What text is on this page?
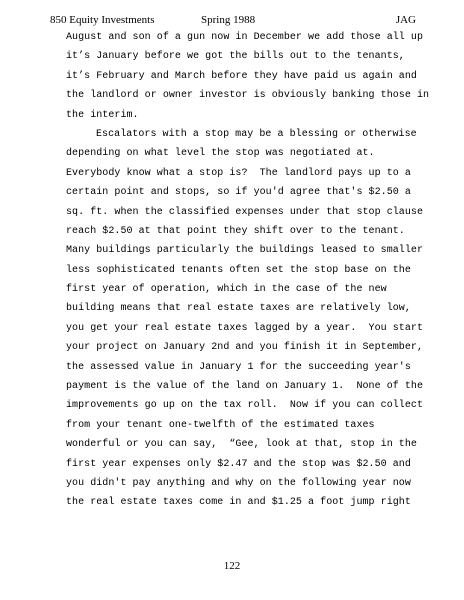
850 Equity Investments	Spring 1988	JAG
August and son of a gun now in December we add those all up
it’s January before we got the bills out to the tenants,
it’s February and March before they have paid us again and
the landlord or owner investor is obviously banking those in
the interim.
Escalators with a stop may be a blessing or otherwise
depending on what level the stop was negotiated at.
Everybody know what a stop is?  The landlord pays up to a
certain point and stops, so if you'd agree that's $2.50 a
sq. ft. when the classified expenses under that stop clause
reach $2.50 at that point they shift over to the tenant.
Many buildings particularly the buildings leased to smaller
less sophisticated tenants often set the stop base on the
first year of operation, which in the case of the new
building means that real estate taxes are relatively low,
you get your real estate taxes lagged by a year.  You start
your project on January 2nd and you finish it in September,
the assessed value in January 1 for the succeeding year's
payment is the value of the land on January 1.  None of the
improvements go up on the tax roll.  Now if you can collect
from your tenant one-twelfth of the estimated taxes
wonderful or you can say,  “Gee, look at that, stop in the
first year expenses only $2.47 and the stop was $2.50 and
you didn't pay anything and why on the following year now
the real estate taxes come in and $1.25 a foot jump right
122
